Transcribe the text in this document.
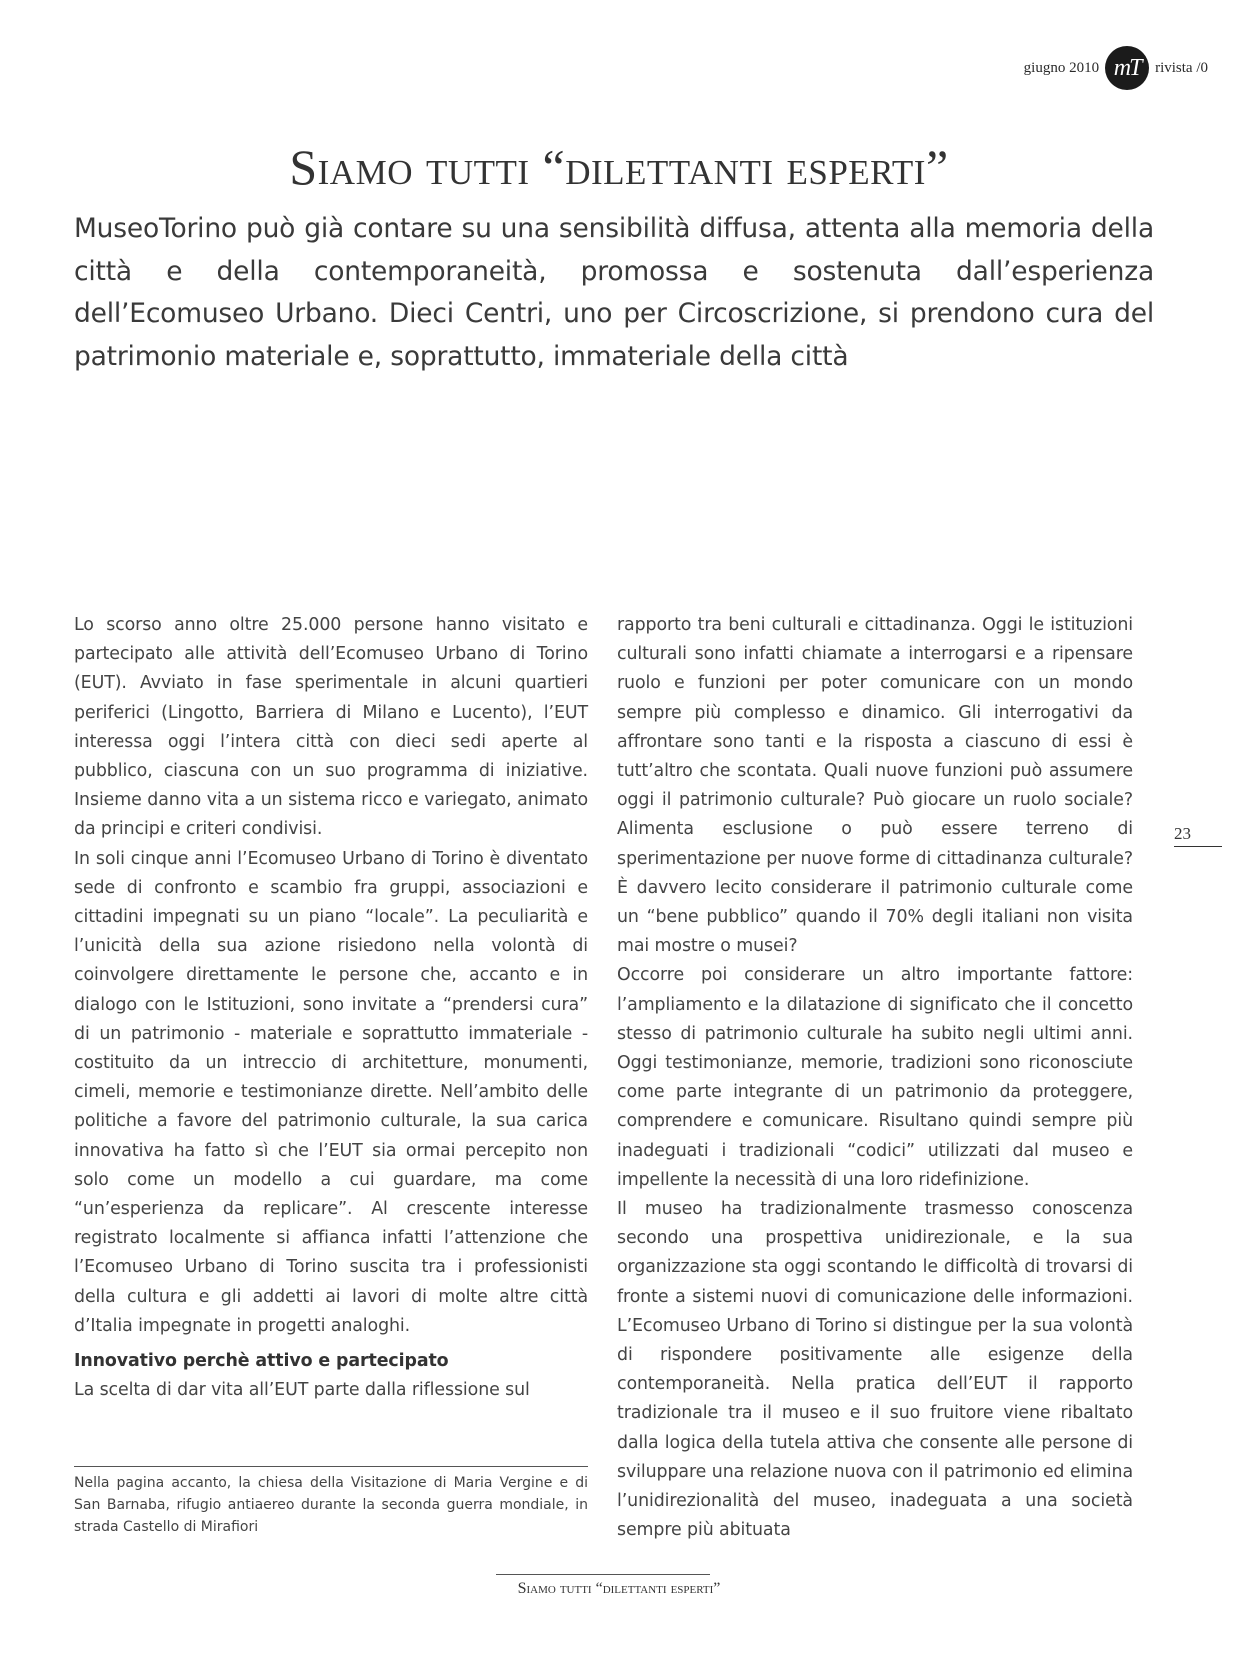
giugno 2010 mT rivista /0
Siamo tutti “dilettanti esperti”

MuseoTorino può già contare su una sensibilità diffusa, attenta alla memoria della città e della contemporaneità, promossa e sostenuta dall’esperienza dell’Ecomuseo Urbano. Dieci Centri, uno per Circoscrizione, si prendono cura del patrimonio materiale e, soprattutto, immateriale della città

Lo scorso anno oltre 25.000 persone hanno visitato e partecipato alle attività dell’Ecomuseo Urbano di Torino (EUT). Avviato in fase sperimentale in alcuni quartieri periferici (Lingotto, Barriera di Milano e Lucento), l’EUT interessa oggi l’intera città con dieci sedi aperte al pubblico, ciascuna con un suo programma di iniziative. Insieme danno vita a un sistema ricco e variegato, animato da principi e criteri condivisi.

In soli cinque anni l’Ecomuseo Urbano di Torino è diventato sede di confronto e scambio fra gruppi, associazioni e cittadini impegnati su un piano “locale”. La peculiarità e l’unicità della sua azione risiedono nella volontà di coinvolgere direttamente le persone che, accanto e in dialogo con le Istituzioni, sono invitate a “prendersi cura” di un patrimonio - materiale e soprattutto immateriale - costituito da un intreccio di architetture, monumenti, cimeli, memorie e testimonianze dirette. Nell’ambito delle politiche a favore del patrimonio culturale, la sua carica innovativa ha fatto sì che l’EUT sia ormai percepito non solo come un modello a cui guardare, ma come “un’esperienza da replicare”. Al crescente interesse registrato localmente si affianca infatti l’attenzione che l’Ecomuseo Urbano di Torino suscita tra i professionisti della cultura e gli addetti ai lavori di molte altre città d’Italia impegnate in progetti analoghi.

Innovativo perchè attivo e partecipato

La scelta di dar vita all’EUT parte dalla riflessione sul

Nella pagina accanto, la chiesa della Visitazione di Maria Vergine e di San Barnaba, rifugio antiaereo durante la seconda guerra mondiale, in strada Castello di Mirafiori

rapporto tra beni culturali e cittadinanza. Oggi le istituzioni culturali sono infatti chiamate a interrogarsi e a ripensare ruolo e funzioni per poter comunicare con un mondo sempre più complesso e dinamico. Gli interrogativi da affrontare sono tanti e la risposta a ciascuno di essi è tutt’altro che scontata. Quali nuove funzioni può assumere oggi il patrimonio culturale? Può giocare un ruolo sociale? Alimenta esclusione o può essere terreno di sperimentazione per nuove forme di cittadinanza culturale? È davvero lecito considerare il patrimonio culturale come un “bene pubblico” quando il 70% degli italiani non visita mai mostre o musei?

Occorre poi considerare un altro importante fattore: l’ampliamento e la dilatazione di significato che il concetto stesso di patrimonio culturale ha subito negli ultimi anni. Oggi testimonianze, memorie, tradizioni sono riconosciute come parte integrante di un patrimonio da proteggere, comprendere e comunicare. Risultano quindi sempre più inadeguati i tradizionali “codici” utilizzati dal museo e impellente la necessità di una loro ridefinizione.

Il museo ha tradizionalmente trasmesso conoscenza secondo una prospettiva unidirezionale, e la sua organizzazione sta oggi scontando le difficoltà di trovarsi di fronte a sistemi nuovi di comunicazione delle informazioni. L’Ecomuseo Urbano di Torino si distingue per la sua volontà di rispondere positivamente alle esigenze della contemporaneità. Nella pratica dell’EUT il rapporto tradizionale tra il museo e il suo fruitore viene ribaltato dalla logica della tutela attiva che consente alle persone di sviluppare una relazione nuova con il patrimonio ed elimina l’unidirezionalità del museo, inadeguata a una società sempre più abituata

23
Siamo tutti “dilettanti esperti”
